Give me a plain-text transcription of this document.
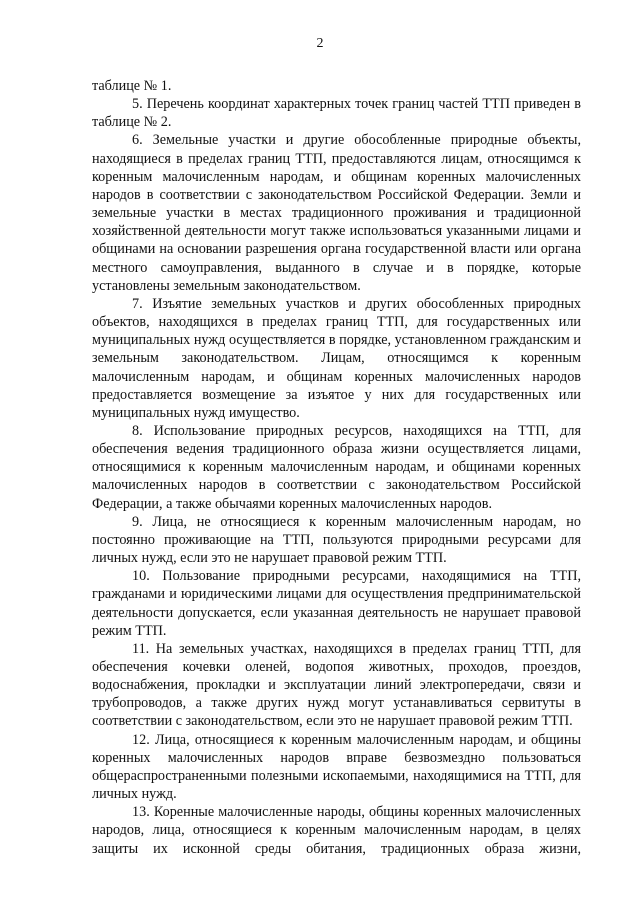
2

таблице № 1.

5. Перечень координат характерных точек границ частей ТТП приведен в таблице № 2.

6. Земельные участки и другие обособленные природные объекты, находящиеся в пределах границ ТТП, предоставляются лицам, относящимся к коренным малочисленным народам, и общинам коренных малочисленных народов в соответствии с законодательством Российской Федерации. Земли и земельные участки в местах традиционного проживания и традиционной хозяйственной деятельности могут также использоваться указанными лицами и общинами на основании разрешения органа государственной власти или органа местного самоуправления, выданного в случае и в порядке, которые установлены земельным законодательством.

7. Изъятие земельных участков и других обособленных природных объектов, находящихся в пределах границ ТТП, для государственных или муниципальных нужд осуществляется в порядке, установленном гражданским и земельным законодательством. Лицам, относящимся к коренным малочисленным народам, и общинам коренных малочисленных народов предоставляется возмещение за изъятое у них для государственных или муниципальных нужд имущество.

8. Использование природных ресурсов, находящихся на ТТП, для обеспечения ведения традиционного образа жизни осуществляется лицами, относящимися к коренным малочисленным народам, и общинами коренных малочисленных народов в соответствии с законодательством Российской Федерации, а также обычаями коренных малочисленных народов.

9. Лица, не относящиеся к коренным малочисленным народам, но постоянно проживающие на ТТП, пользуются природными ресурсами для личных нужд, если это не нарушает правовой режим ТТП.

10. Пользование природными ресурсами, находящимися на ТТП, гражданами и юридическими лицами для осуществления предпринимательской деятельности допускается, если указанная деятельность не нарушает правовой режим ТТП.

11. На земельных участках, находящихся в пределах границ ТТП, для обеспечения кочевки оленей, водопоя животных, проходов, проездов, водоснабжения, прокладки и эксплуатации линий электропередачи, связи и трубопроводов, а также других нужд могут устанавливаться сервитуты в соответствии с законодательством, если это не нарушает правовой режим ТТП.

12. Лица, относящиеся к коренным малочисленным народам, и общины коренных малочисленных народов вправе безвозмездно пользоваться общераспространенными полезными ископаемыми, находящимися на ТТП, для личных нужд.

13. Коренные малочисленные народы, общины коренных малочисленных народов, лица, относящиеся к коренным малочисленным народам, в целях защиты их исконной среды обитания, традиционных образа жизни,
